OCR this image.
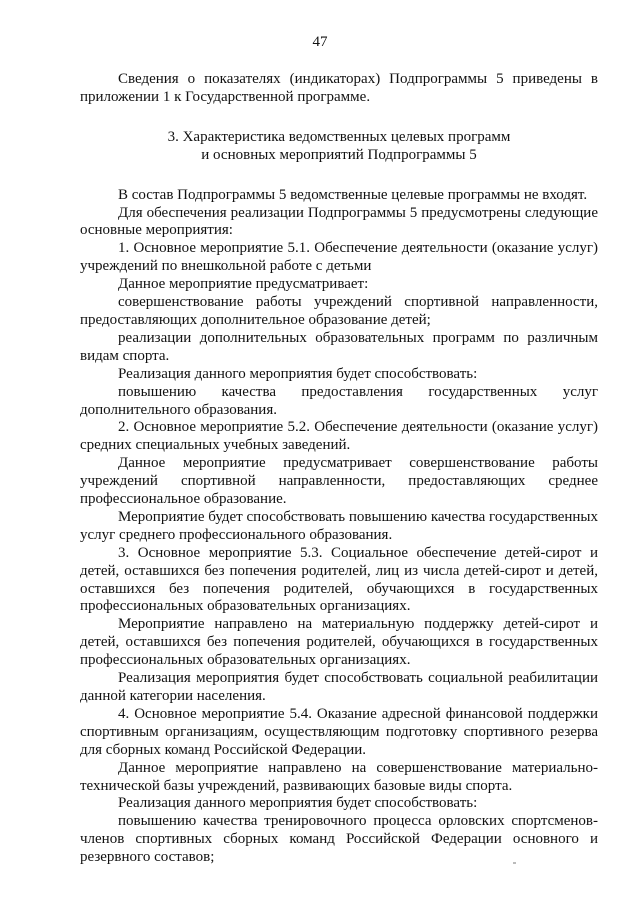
47

Сведения о показателях (индикаторах) Подпрограммы 5 приведены в приложении 1 к Государственной программе.

3. Характеристика ведомственных целевых программ
и основных мероприятий Подпрограммы 5

В состав Подпрограммы 5 ведомственные целевые программы не входят.

Для обеспечения реализации Подпрограммы 5 предусмотрены следующие основные мероприятия:

1. Основное мероприятие 5.1. Обеспечение деятельности (оказание услуг) учреждений по внешкольной работе с детьми

Данное мероприятие предусматривает:

совершенствование работы учреждений спортивной направленности, предоставляющих дополнительное образование детей;

реализации дополнительных образовательных программ по различным видам спорта.

Реализация данного мероприятия будет способствовать:

повышению качества предоставления государственных услуг дополнительного образования.

2. Основное мероприятие 5.2. Обеспечение деятельности (оказание услуг) средних специальных учебных заведений.

Данное мероприятие предусматривает совершенствование работы учреждений спортивной направленности, предоставляющих среднее профессиональное образование.

Мероприятие будет способствовать повышению качества государственных услуг среднего профессионального образования.

3. Основное мероприятие 5.3. Социальное обеспечение детей-сирот и детей, оставшихся без попечения родителей, лиц из числа детей-сирот и детей, оставшихся без попечения родителей, обучающихся в государственных профессиональных образовательных организациях.

Мероприятие направлено на материальную поддержку детей-сирот и детей, оставшихся без попечения родителей, обучающихся в государственных профессиональных образовательных организациях.

Реализация мероприятия будет способствовать социальной реабилитации данной категории населения.

4. Основное мероприятие 5.4. Оказание адресной финансовой поддержки спортивным организациям, осуществляющим подготовку спортивного резерва для сборных команд Российской Федерации.

Данное мероприятие направлено на совершенствование материально-технической базы учреждений, развивающих базовые виды спорта.

Реализация данного мероприятия будет способствовать:

повышению качества тренировочного процесса орловских спортсменов-членов спортивных сборных команд Российской Федерации основного и резервного составов;
